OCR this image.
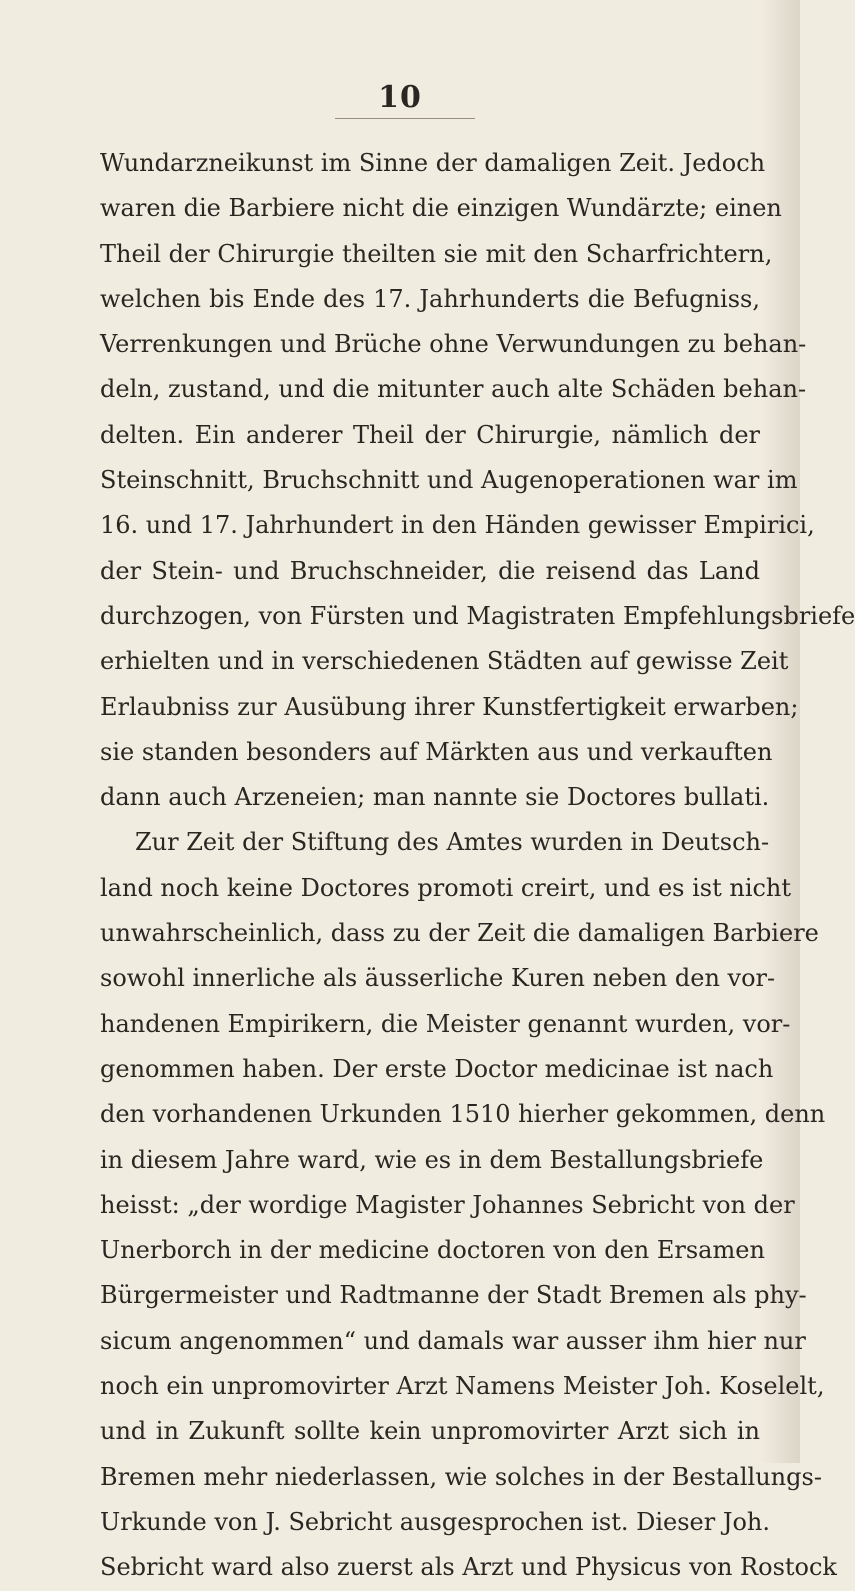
10
Wundarzneikunst im Sinne der damaligen Zeit. Jedoch
waren die Barbiere nicht die einzigen Wundärzte; einen
Theil der Chirurgie theilten sie mit den Scharfrichtern,
welchen bis Ende des 17. Jahrhunderts die Befugniss,
Verrenkungen und Brüche ohne Verwundungen zu behan-
deln, zustand, und die mitunter auch alte Schäden behan-
delten. Ein anderer Theil der Chirurgie, nämlich der
Steinschnitt, Bruchschnitt und Augenoperationen war im
16. und 17. Jahrhundert in den Händen gewisser Empirici,
der Stein- und Bruchschneider, die reisend das Land
durchzogen, von Fürsten und Magistraten Empfehlungsbriefe
erhielten und in verschiedenen Städten auf gewisse Zeit
Erlaubniss zur Ausübung ihrer Kunstfertigkeit erwarben;
sie standen besonders auf Märkten aus und verkauften
dann auch Arzeneien; man nannte sie Doctores bullati.
Zur Zeit der Stiftung des Amtes wurden in Deutsch-
land noch keine Doctores promoti creirt, und es ist nicht
unwahrscheinlich, dass zu der Zeit die damaligen Barbiere
sowohl innerliche als äusserliche Kuren neben den vor-
handenen Empirikern, die Meister genannt wurden, vor-
genommen haben. Der erste Doctor medicinae ist nach
den vorhandenen Urkunden 1510 hierher gekommen, denn
in diesem Jahre ward, wie es in dem Bestallungsbriefe
heisst: „der wordige Magister Johannes Sebricht von der
Unerborch in der medicine doctoren von den Ersamen
Bürgermeister und Radtmanne der Stadt Bremen als phy-
sicum angenommen“ und damals war ausser ihm hier nur
noch ein unpromovirter Arzt Namens Meister Joh. Koselelt,
und in Zukunft sollte kein unpromovirter Arzt sich in
Bremen mehr niederlassen, wie solches in der Bestallungs-
Urkunde von J. Sebricht ausgesprochen ist. Dieser Joh.
Sebricht ward also zuerst als Arzt und Physicus von Rostock
